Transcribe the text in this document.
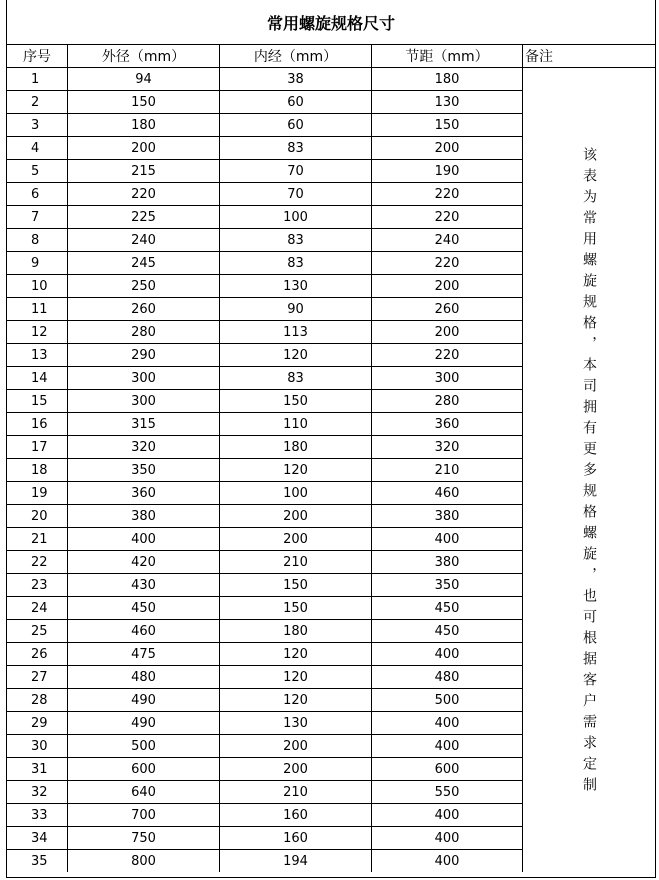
常用螺旋规格尺寸
序号	外径（mm）	内经（mm）	节距（mm）	备注
1	94	38	180
2	150	60	130
3	180	60	150
4	200	83	200
5	215	70	190
6	220	70	220
7	225	100	220
8	240	83	240
9	245	83	220
10	250	130	200
11	260	90	260
12	280	113	200
13	290	120	220
14	300	83	300
15	300	150	280
16	315	110	360
17	320	180	320
18	350	120	210
19	360	100	460
20	380	200	380
21	400	200	400
22	420	210	380
23	430	150	350
24	450	150	450
25	460	180	450
26	475	120	400
27	480	120	480
28	490	120	500
29	490	130	400
30	500	200	400
31	600	200	600
32	640	210	550
33	700	160	400
34	750	160	400
35	800	194	400
该表为常用螺旋规格，本司拥有更多规格螺旋，也可根据客户需求定制
